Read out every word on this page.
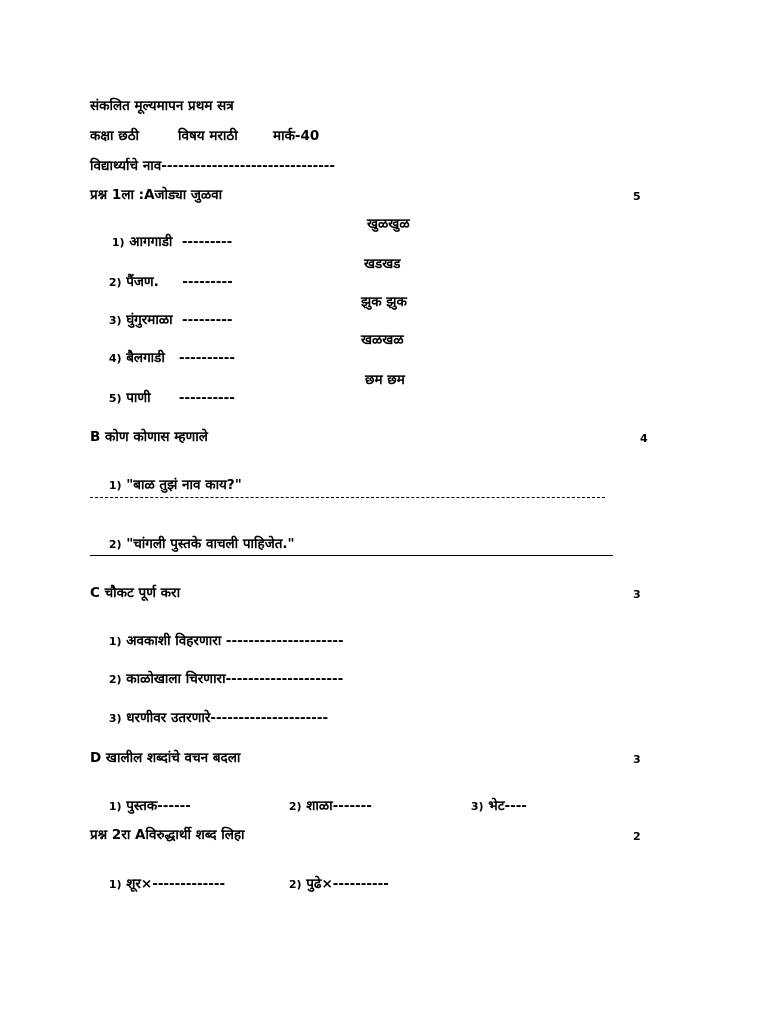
संकलित मूल्यमापन प्रथम सत्र
कक्षा छठी	विषय मराठी	मार्क-40
विद्यार्थ्याचे नाव-------------------------------
प्रश्न 1ला :Aजोड्या जुळवा	5

1) आगगाडी  ---------

खुळखुळ

2) पैंजण.     ---------

खडखड

3) घुंगुरमाळा  ---------

झुक झुक

4) बैलगाडी   ----------

खळखळ

5) पाणी      ----------

छम छम
B कोण कोणास म्हणाले	4

1) "बाळ तुझं नाव काय?"

2) "चांगली पुस्तके वाचली पाहिजेत."

C चौकट पूर्ण करा	3

1) अवकाशी विहरणारा ---------------------

2) काळोखाला चिरणारा---------------------

3) धरणीवर उतरणारे---------------------

D खालील शब्दांचे वचन बदला	3

1) पुस्तक------
	2) शाळा-------
	3) भेट----

प्रश्न 2रा Aविरुद्धार्थी शब्द लिहा	2

1) शूर×-------------
	2) पुढे×----------
